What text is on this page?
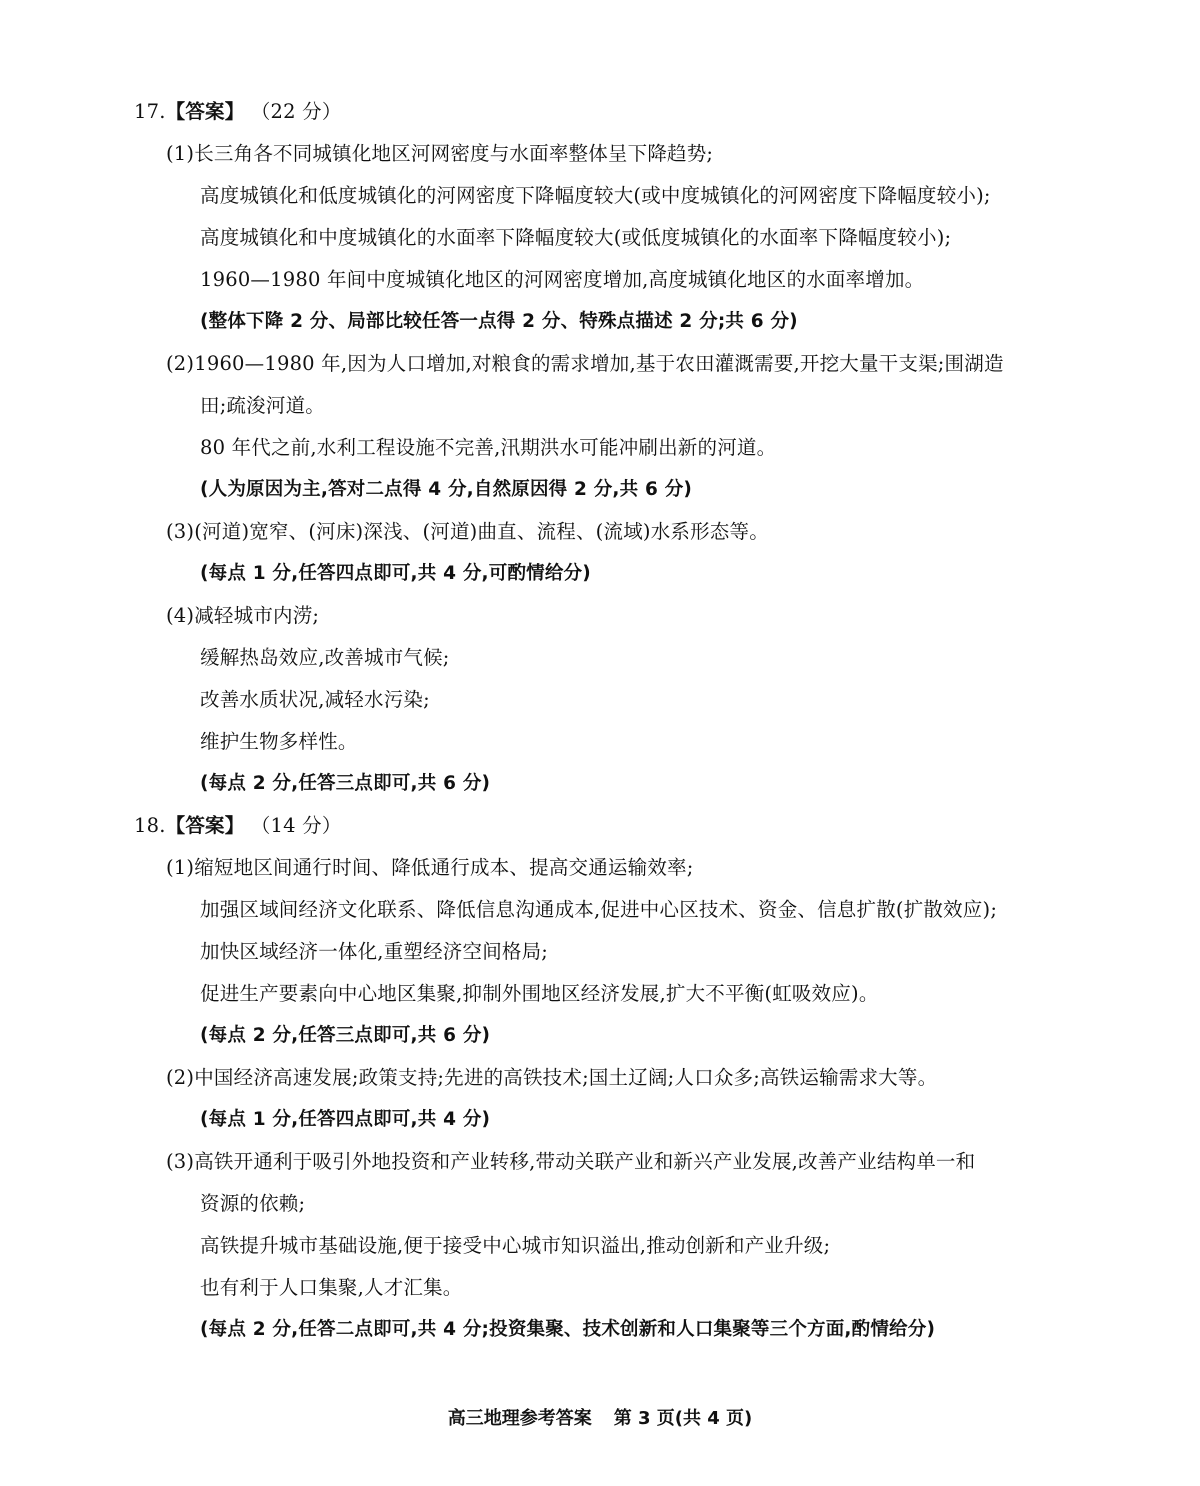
17.【答案】 （22 分）
(1)长三角各不同城镇化地区河网密度与水面率整体呈下降趋势;
高度城镇化和低度城镇化的河网密度下降幅度较大(或中度城镇化的河网密度下降幅度较小);
高度城镇化和中度城镇化的水面率下降幅度较大(或低度城镇化的水面率下降幅度较小);
1960—1980 年间中度城镇化地区的河网密度增加,高度城镇化地区的水面率增加。
(整体下降 2 分、局部比较任答一点得 2 分、特殊点描述 2 分;共 6 分)
(2)1960—1980 年,因为人口增加,对粮食的需求增加,基于农田灌溉需要,开挖大量干支渠;围湖造
田;疏浚河道。
80 年代之前,水利工程设施不完善,汛期洪水可能冲刷出新的河道。
(人为原因为主,答对二点得 4 分,自然原因得 2 分,共 6 分)
(3)(河道)宽窄、(河床)深浅、(河道)曲直、流程、(流域)水系形态等。
(每点 1 分,任答四点即可,共 4 分,可酌情给分)
(4)减轻城市内涝;
缓解热岛效应,改善城市气候;
改善水质状况,减轻水污染;
维护生物多样性。
(每点 2 分,任答三点即可,共 6 分)
18.【答案】 （14 分）
(1)缩短地区间通行时间、降低通行成本、提高交通运输效率;
加强区域间经济文化联系、降低信息沟通成本,促进中心区技术、资金、信息扩散(扩散效应);
加快区域经济一体化,重塑经济空间格局;
促进生产要素向中心地区集聚,抑制外围地区经济发展,扩大不平衡(虹吸效应)。
(每点 2 分,任答三点即可,共 6 分)
(2)中国经济高速发展;政策支持;先进的高铁技术;国土辽阔;人口众多;高铁运输需求大等。
(每点 1 分,任答四点即可,共 4 分)
(3)高铁开通利于吸引外地投资和产业转移,带动关联产业和新兴产业发展,改善产业结构单一和
资源的依赖;
高铁提升城市基础设施,便于接受中心城市知识溢出,推动创新和产业升级;
也有利于人口集聚,人才汇集。
(每点 2 分,任答二点即可,共 4 分;投资集聚、技术创新和人口集聚等三个方面,酌情给分)
高三地理参考答案 第 3 页(共 4 页)
